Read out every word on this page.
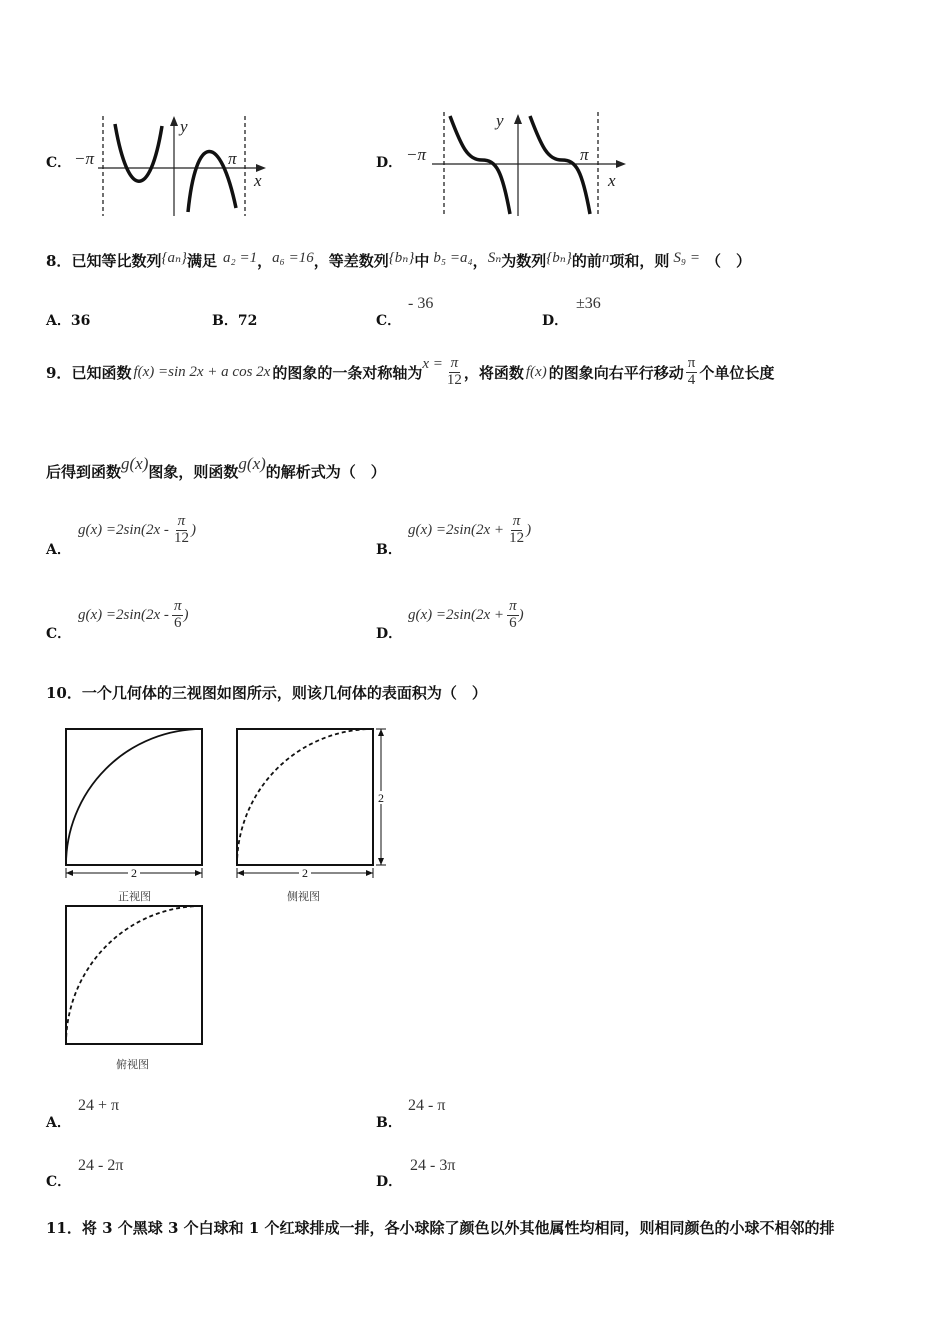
C． −π	π
y
x
D． −π	π
y
x
8．已知等比数列{aₙ}满足 a₂ =1，a₆ =16，等差数列{bₙ}中 b₅ =a₄，Sₙ为数列{bₙ}的前n项和，则 S₉ = （　）
A．36	B．72	C．
- 36
D．
±36
9． 已知函数 f(x) =sin 2x + a cos 2x 的图象的一条对称轴为 $x = \frac{\pi}{12}$ ，将函数 f(x) 的图象向右平行移动 $\frac{\pi}{4}$ 个单位长度
后得到函数g(x)图象，则函数g(x)的解析式为（　）
A．
$g(x) =2\sin(2x - \frac{\pi}{12}$ )
B．
$g(x) =2\sin(2x + \frac{\pi}{12}$ )
C．
$g(x) =2\sin(2x - \frac{\pi}{6}$ )
D．
$g(x) =2\sin(2x + \frac{\pi}{6}$ )
10．一个几何体的三视图如图所示，则该几何体的表面积为（　）
2
正视图
2
2
侧视图
俯视图
A．
24 + π
B．
24 - π
C．
24 - 2π
D．
24 - 3π
11．将 3 个黑球 3 个白球和 1 个红球排成一排，各小球除了颜色以外其他属性均相同，则相同颜色的小球不相邻的排
